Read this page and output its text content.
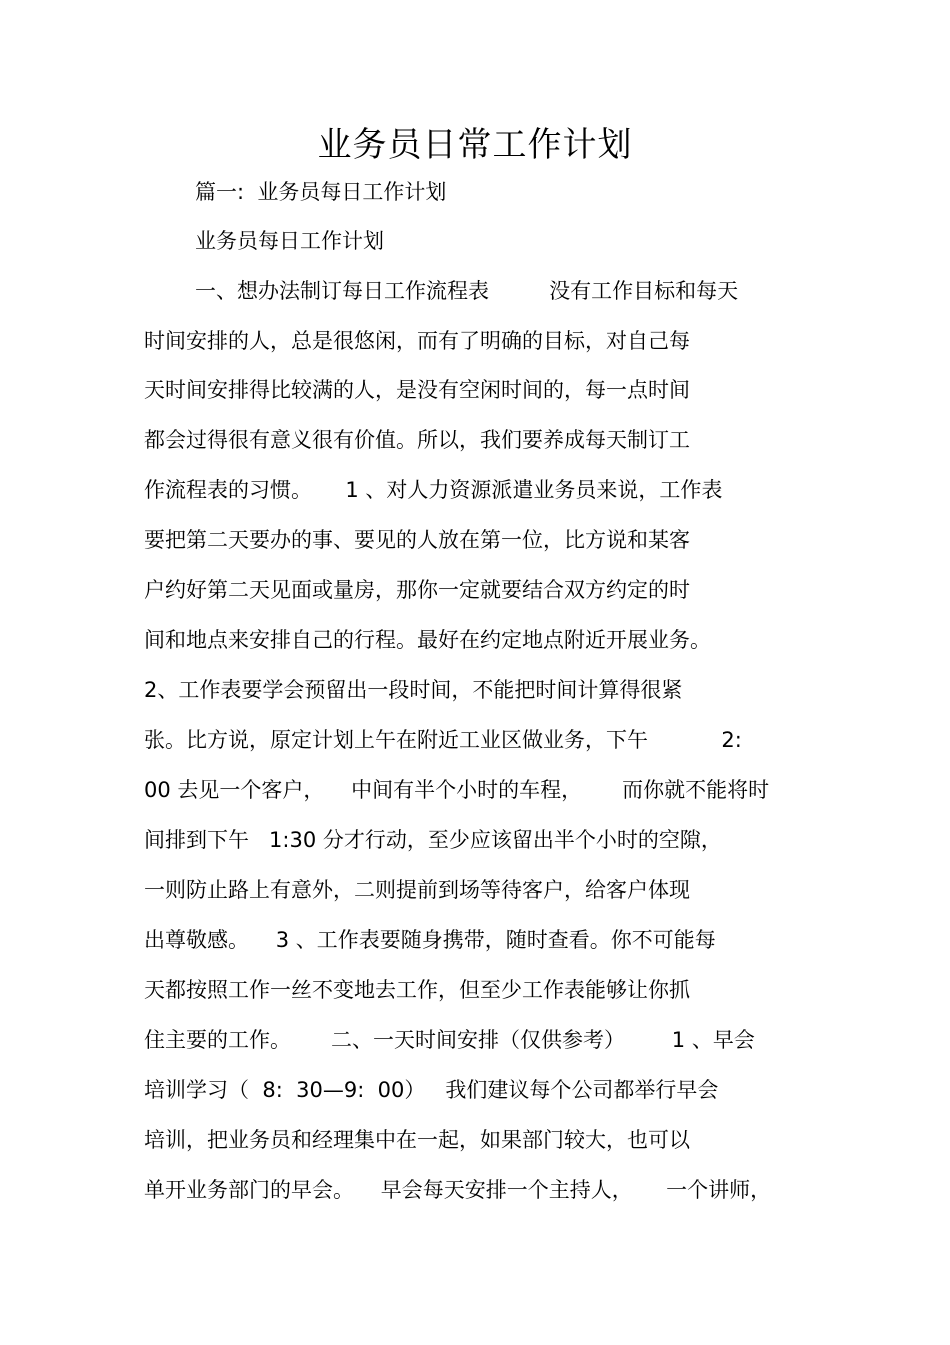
业务员日常工作计划
篇一:  业务员每日工作计划
业务员每日工作计划
一、想办法制订每日工作流程表         没有工作目标和每天
时间安排的人，总是很悠闲，而有了明确的目标，对自己每
天时间安排得比较满的人，是没有空闲时间的，每一点时间
都会过得很有意义很有价值。所以，我们要养成每天制订工
作流程表的习惯。     1 、对人力资源派遣业务员来说，工作表
要把第二天要办的事、要见的人放在第一位，比方说和某客
户约好第二天见面或量房，那你一定就要结合双方约定的时
间和地点来安排自己的行程。最好在约定地点附近开展业务。
2、工作表要学会预留出一段时间，不能把时间计算得很紧
张。比方说，原定计划上午在附近工业区做业务，下午           2:
00 去见一个客户，    中间有半个小时的车程，      而你就不能将时
间排到下午   1:30 分才行动，至少应该留出半个小时的空隙，
一则防止路上有意外，二则提前到场等待客户，给客户体现
出尊敬感。    3 、工作表要随身携带，随时查看。你不可能每
天都按照工作一丝不变地去工作，但至少工作表能够让你抓
住主要的工作。      二、一天时间安排（仅供参考）       1 、早会
培训学习（  8:  30—9:  00）   我们建议每个公司都举行早会
培训，把业务员和经理集中在一起，如果部门较大，也可以
单开业务部门的早会。    早会每天安排一个主持人，     一个讲师，
